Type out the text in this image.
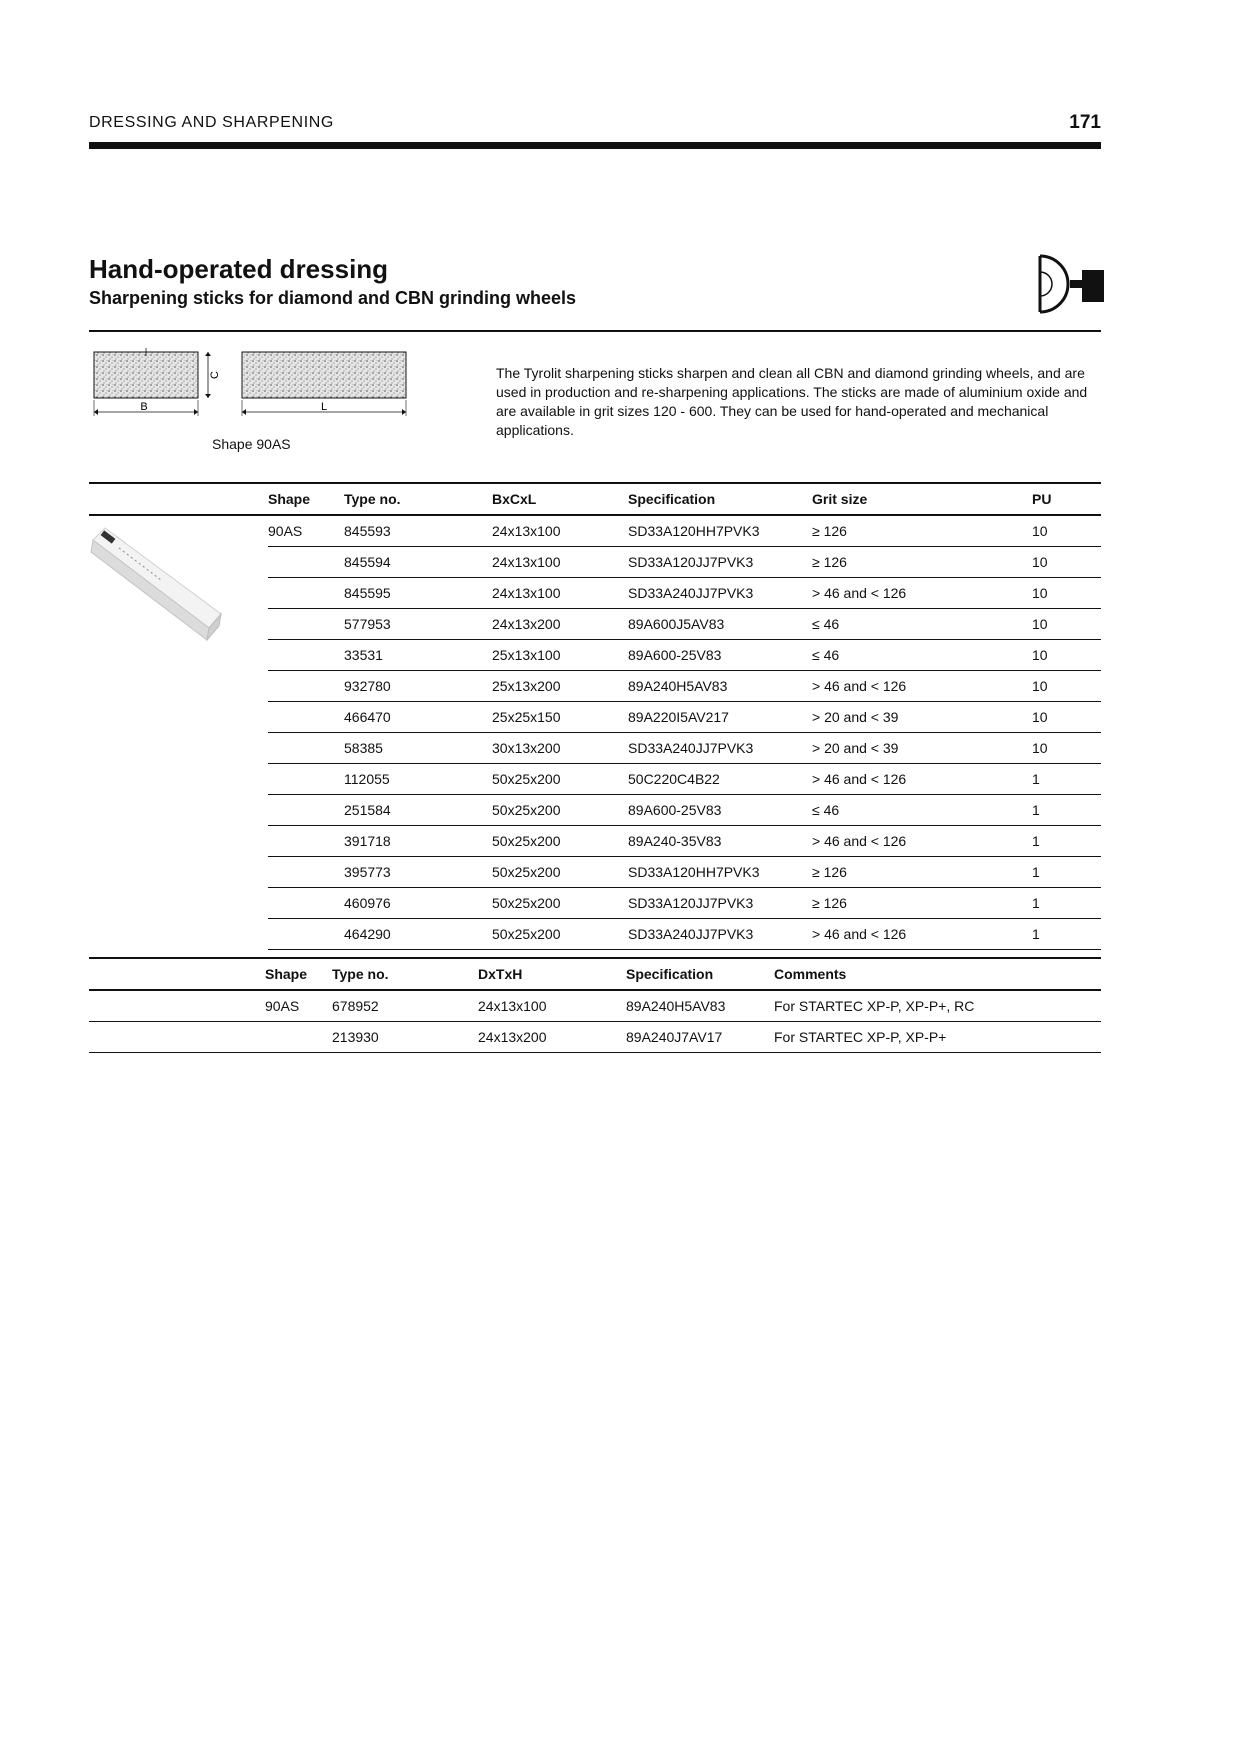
DRESSING AND SHARPENING	171
Hand-operated dressing
Sharpening sticks for diamond and CBN grinding wheels
B	L
C
Shape 90AS
The Tyrolit sharpening sticks sharpen and clean all CBN and diamond grinding wheels, and are used in production and re-sharpening applications. The sticks are made of aluminium oxide and are available in grit sizes 120 - 600. They can be used for hand-operated and mechanical applications.
	Shape	Type no.	BxCxL	Specification	Grit size	PU

	90AS	845593	24x13x100	SD33A120HH7PVK3	≥ 126	10
		845594	24x13x100	SD33A120JJ7PVK3	≥ 126	10
		845595	24x13x100	SD33A240JJ7PVK3	> 46 and < 126	10
		577953	24x13x200	89A600J5AV83	≤ 46	10
		33531	25x13x100	89A600-25V83	≤ 46	10
		932780	25x13x200	89A240H5AV83	> 46 and < 126	10
		466470	25x25x150	89A220I5AV217	> 20 and < 39	10
		58385	30x13x200	SD33A240JJ7PVK3	> 20 and < 39	10
		112055	50x25x200	50C220C4B22	> 46 and < 126	1
		251584	50x25x200	89A600-25V83	≤ 46	1
		391718	50x25x200	89A240-35V83	> 46 and < 126	1
		395773	50x25x200	SD33A120HH7PVK3	≥ 126	1
		460976	50x25x200	SD33A120JJ7PVK3	≥ 126	1
		464290	50x25x200	SD33A240JJ7PVK3	> 46 and < 126	1
	Shape	Type no.	DxTxH	Specification	Comments
	90AS	678952	24x13x100	89A240H5AV83	For STARTEC XP-P, XP-P+, RC
		213930	24x13x200	89A240J7AV17	For STARTEC XP-P, XP-P+
